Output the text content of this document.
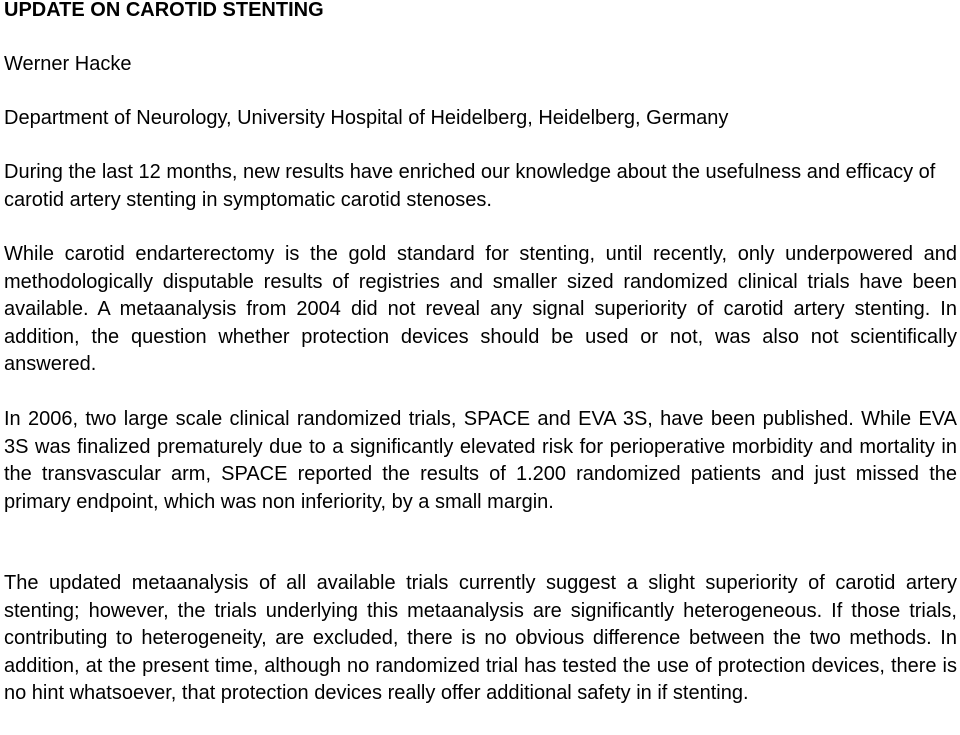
UPDATE ON CAROTID STENTING

Werner Hacke

Department of Neurology, University Hospital of Heidelberg, Heidelberg, Germany

During the last 12 months, new results have enriched our knowledge about the usefulness and efficacy of carotid artery stenting in symptomatic carotid stenoses.

While carotid endarterectomy is the gold standard for stenting, until recently, only underpowered and methodologically disputable results of registries and smaller sized randomized clinical trials have been available. A metaanalysis from 2004 did not reveal any signal superiority of carotid artery stenting. In addition, the question whether protection devices should be used or not, was also not scientifically answered.

In 2006, two large scale clinical randomized trials, SPACE and EVA 3S, have been published. While EVA 3S was finalized prematurely due to a significantly elevated risk for perioperative morbidity and mortality in the transvascular arm, SPACE reported the results of 1.200 randomized patients and just missed the primary endpoint, which was non inferiority, by a small margin.

The updated metaanalysis of all available trials currently suggest a slight superiority of carotid artery stenting; however, the trials underlying this metaanalysis are significantly heterogeneous. If those trials, contributing to heterogeneity, are excluded, there is no obvious difference between the two methods. In addition, at the present time, although no randomized trial has tested the use of protection devices, there is no hint whatsoever, that protection devices really offer additional safety in if stenting.
